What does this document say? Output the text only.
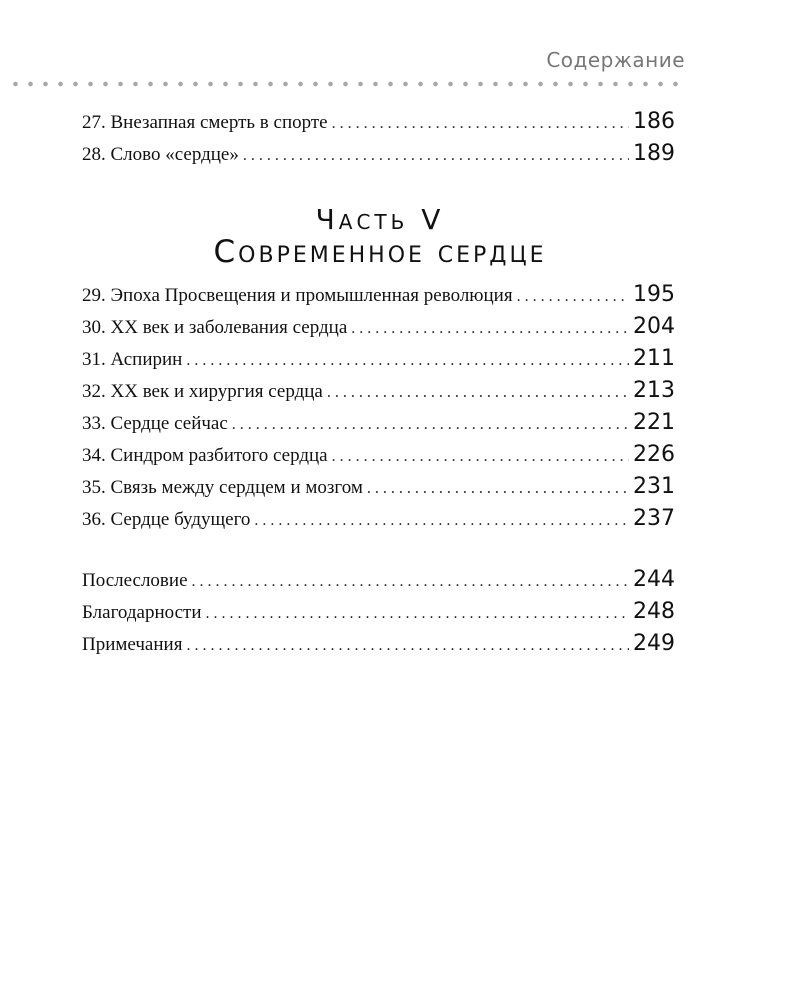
Содержание
27. Внезапная смерть в спорте . . .	186
28. Слово «сердце» . . .	189
Часть V
Современное сердце
29. Эпоха Просвещения и промышленная революция . . .	195
30. XX век и заболевания сердца . . .	204
31. Аспирин . . .	211
32. XX век и хирургия сердца . . .	213
33. Сердце сейчас . . .	221
34. Синдром разбитого сердца . . .	226
35. Связь между сердцем и мозгом . . .	231
36. Сердце будущего . . .	237
Послесловие . . .	244
Благодарности . . .	248
Примечания . . .	249
